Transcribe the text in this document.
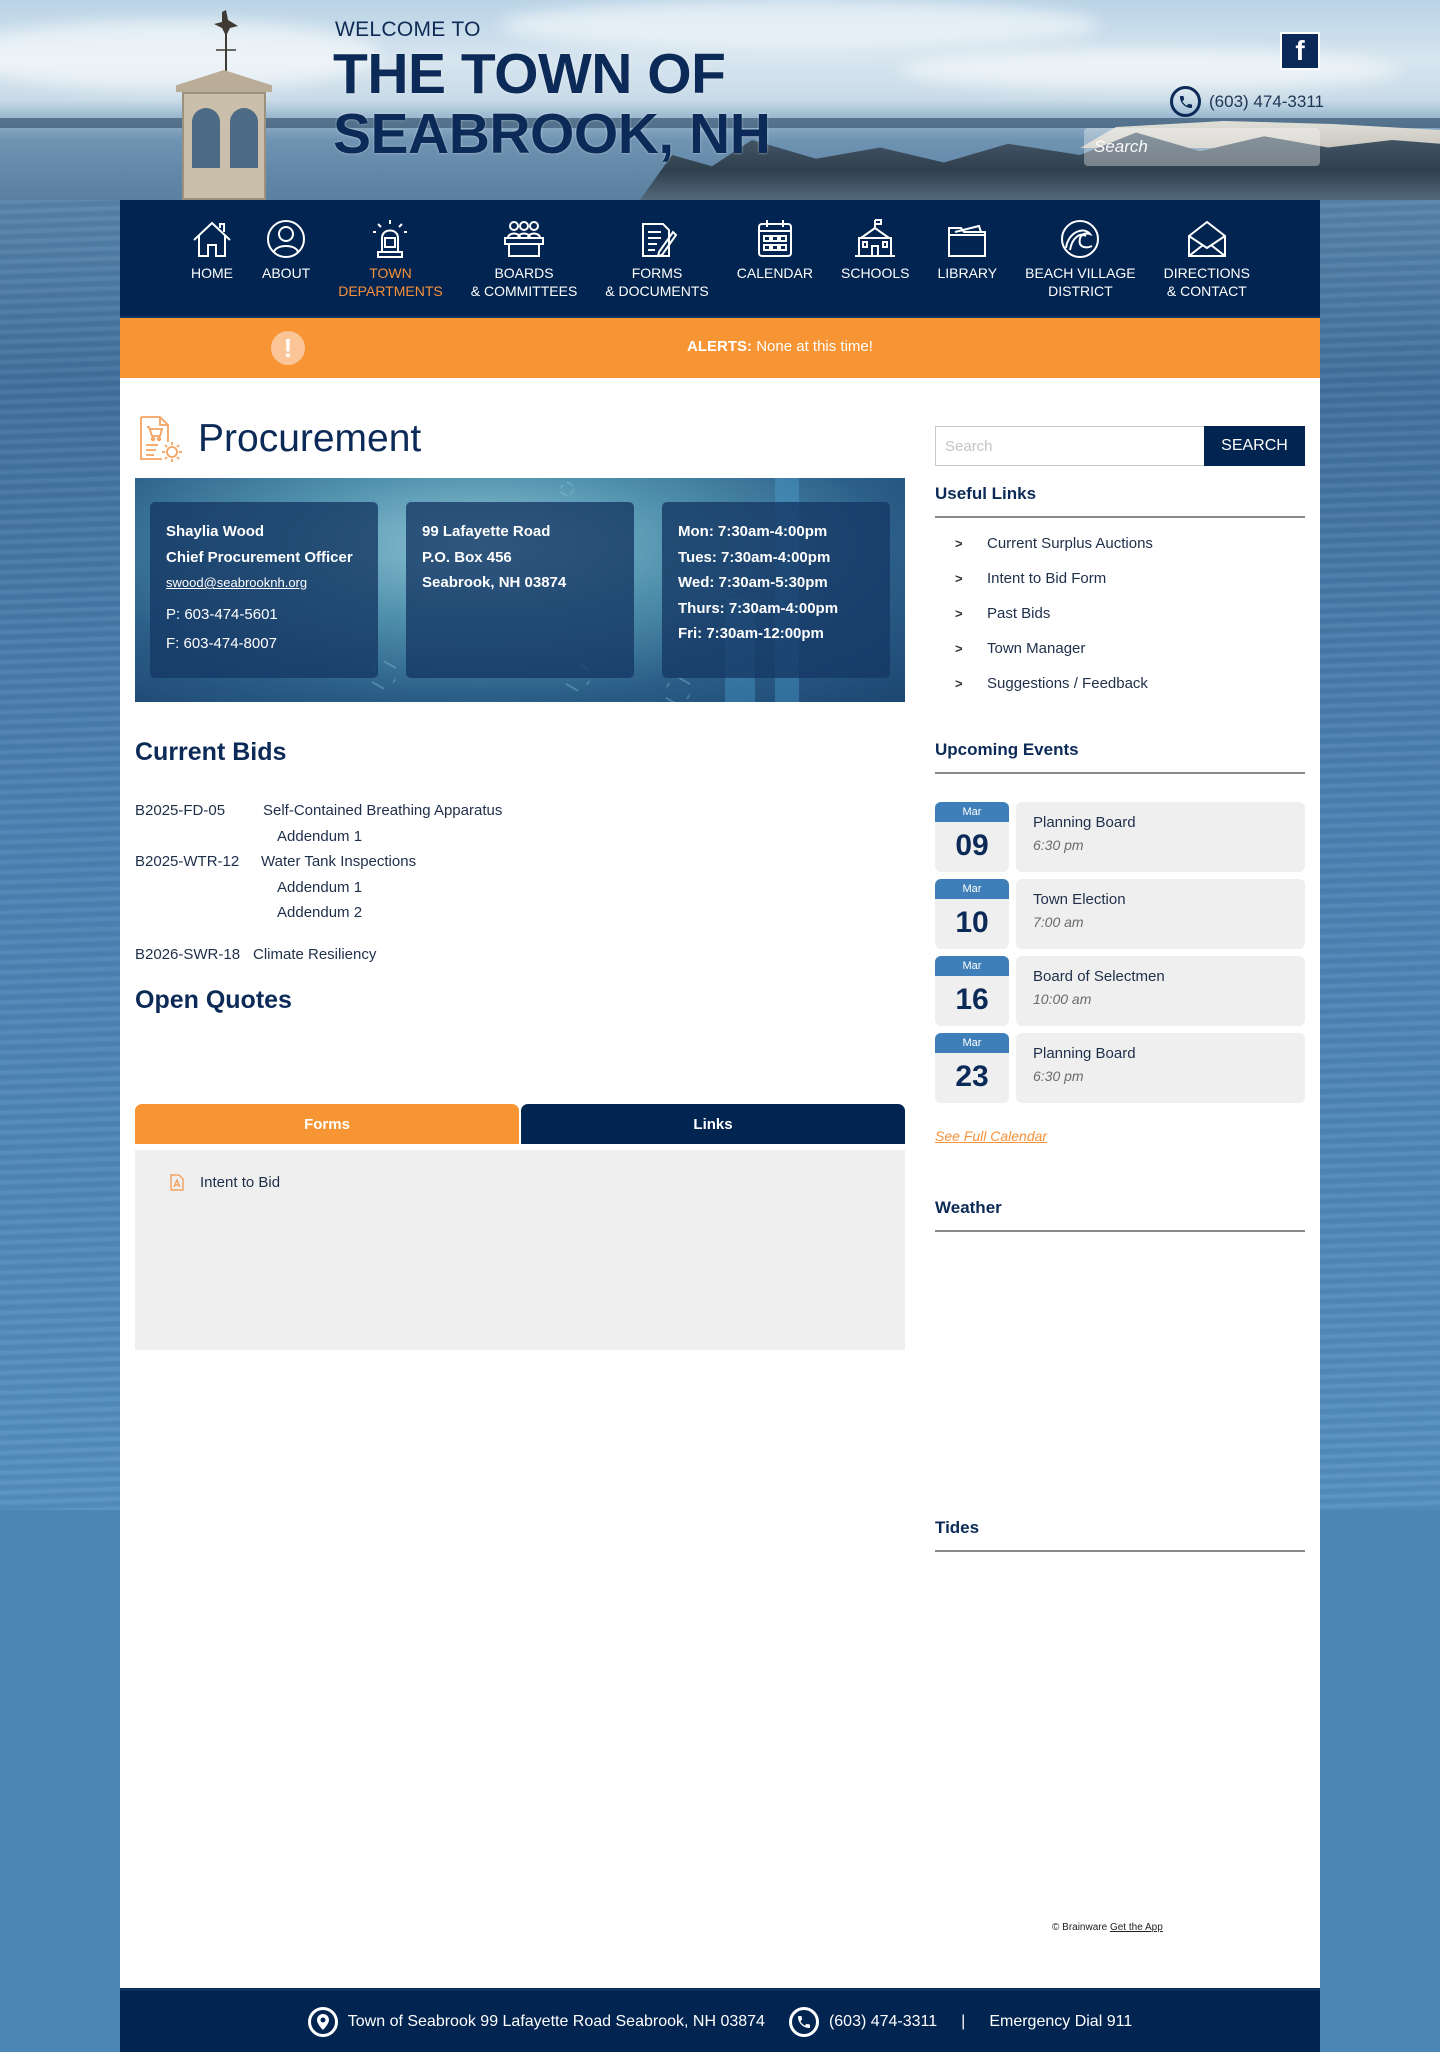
WELCOME TO
THE TOWN OF
SEABROOK, NH
f
(603) 474-3311
Search
HOME ABOUT	TOWN
DEPARTMENTS
BOARDS
& COMMITTEES
FORMS
& DOCUMENTS
CALENDAR SCHOOLS LIBRARY BEACH VILLAGE
DISTRICT
DIRECTIONS
& CONTACT
!	ALERTS: None at this time!
Procurement
Shaylia Wood
Chief Procurement Officer
swood@seabrooknh.org
P: 603-474-5601
F: 603-474-8007
99 Lafayette Road
P.O. Box 456
Seabrook, NH 03874
Mon: 7:30am-4:00pm
Tues: 7:30am-4:00pm
Wed: 7:30am-5:30pm
Thurs: 7:30am-4:00pm
Fri: 7:30am-12:00pm
Current Bids
B2025-FD-05	Self-Contained Breathing Apparatus
Addendum 1
B2025-WTR-12	Water Tank Inspections
Addendum 1
Addendum 2
B2026-SWR-18 Climate Resiliency
Open Quotes
Forms	Links
Intent to Bid
Search
SEARCH
Useful Links
>	Current Surplus Auctions
>	Intent to Bid Form
>	Past Bids
>	Town Manager
>	Suggestions / Feedback
Upcoming Events
Mar
09
Planning Board
6:30 pm
Mar
10
Town Election
7:00 am
Mar
16
Board of Selectmen
10:00 am
Mar
23
Planning Board
6:30 pm
See Full Calendar
Weather
Tides
© Brainware Get the App
Town of Seabrook 99 Lafayette Road Seabrook, NH 03874	(603) 474-3311 | Emergency Dial 911
